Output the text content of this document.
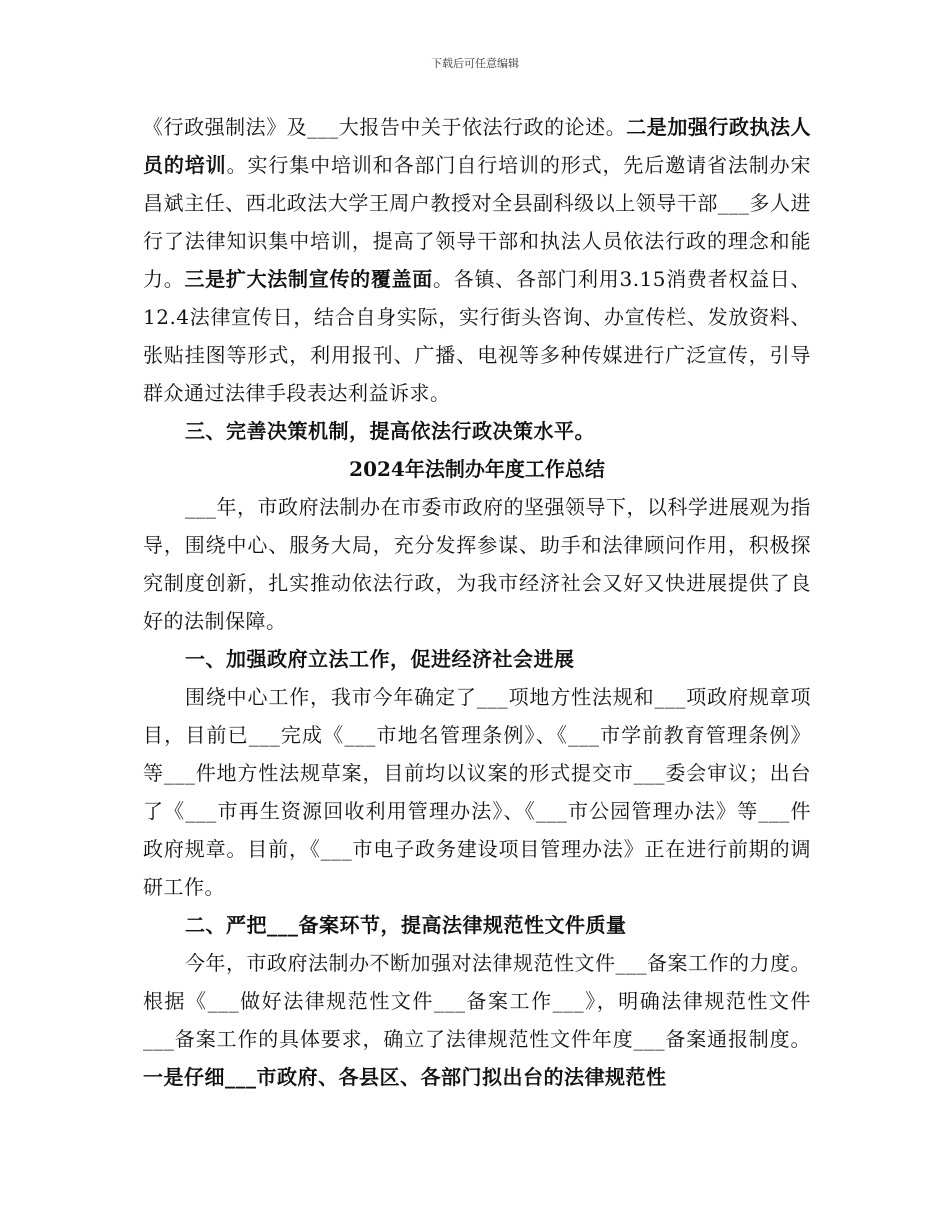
下载后可任意编辑

《行政强制法》及___大报告中关于依法行政的论述。二是加强行政执法人员的培训。实行集中培训和各部门自行培训的形式，先后邀请省法制办宋昌斌主任、西北政法大学王周户教授对全县副科级以上领导干部___多人进行了法律知识集中培训，提高了领导干部和执法人员依法行政的理念和能力。三是扩大法制宣传的覆盖面。各镇、各部门利用3.15消费者权益日、12.4法律宣传日，结合自身实际，实行街头咨询、办宣传栏、发放资料、张贴挂图等形式，利用报刊、广播、电视等多种传媒进行广泛宣传，引导群众通过法律手段表达利益诉求。

三、完善决策机制，提高依法行政决策水平。

2024年法制办年度工作总结

___年，市政府法制办在市委市政府的坚强领导下，以科学进展观为指导，围绕中心、服务大局，充分发挥参谋、助手和法律顾问作用，积极探究制度创新，扎实推动依法行政，为我市经济社会又好又快进展提供了良好的法制保障。

一、加强政府立法工作，促进经济社会进展

围绕中心工作，我市今年确定了___项地方性法规和___项政府规章项目，目前已___完成《___市地名管理条例》、《___市学前教育管理条例》等___件地方性法规草案，目前均以议案的形式提交市___委会审议；出台了《___市再生资源回收利用管理办法》、《___市公园管理办法》等___件政府规章。目前，《___市电子政务建设项目管理办法》正在进行前期的调研工作。

二、严把___备案环节，提高法律规范性文件质量

今年，市政府法制办不断加强对法律规范性文件___备案工作的力度。根据《___做好法律规范性文件___备案工作___》，明确法律规范性文件___备案工作的具体要求，确立了法律规范性文件年度___备案通报制度。一是仔细___市政府、各县区、各部门拟出台的法律规范性
